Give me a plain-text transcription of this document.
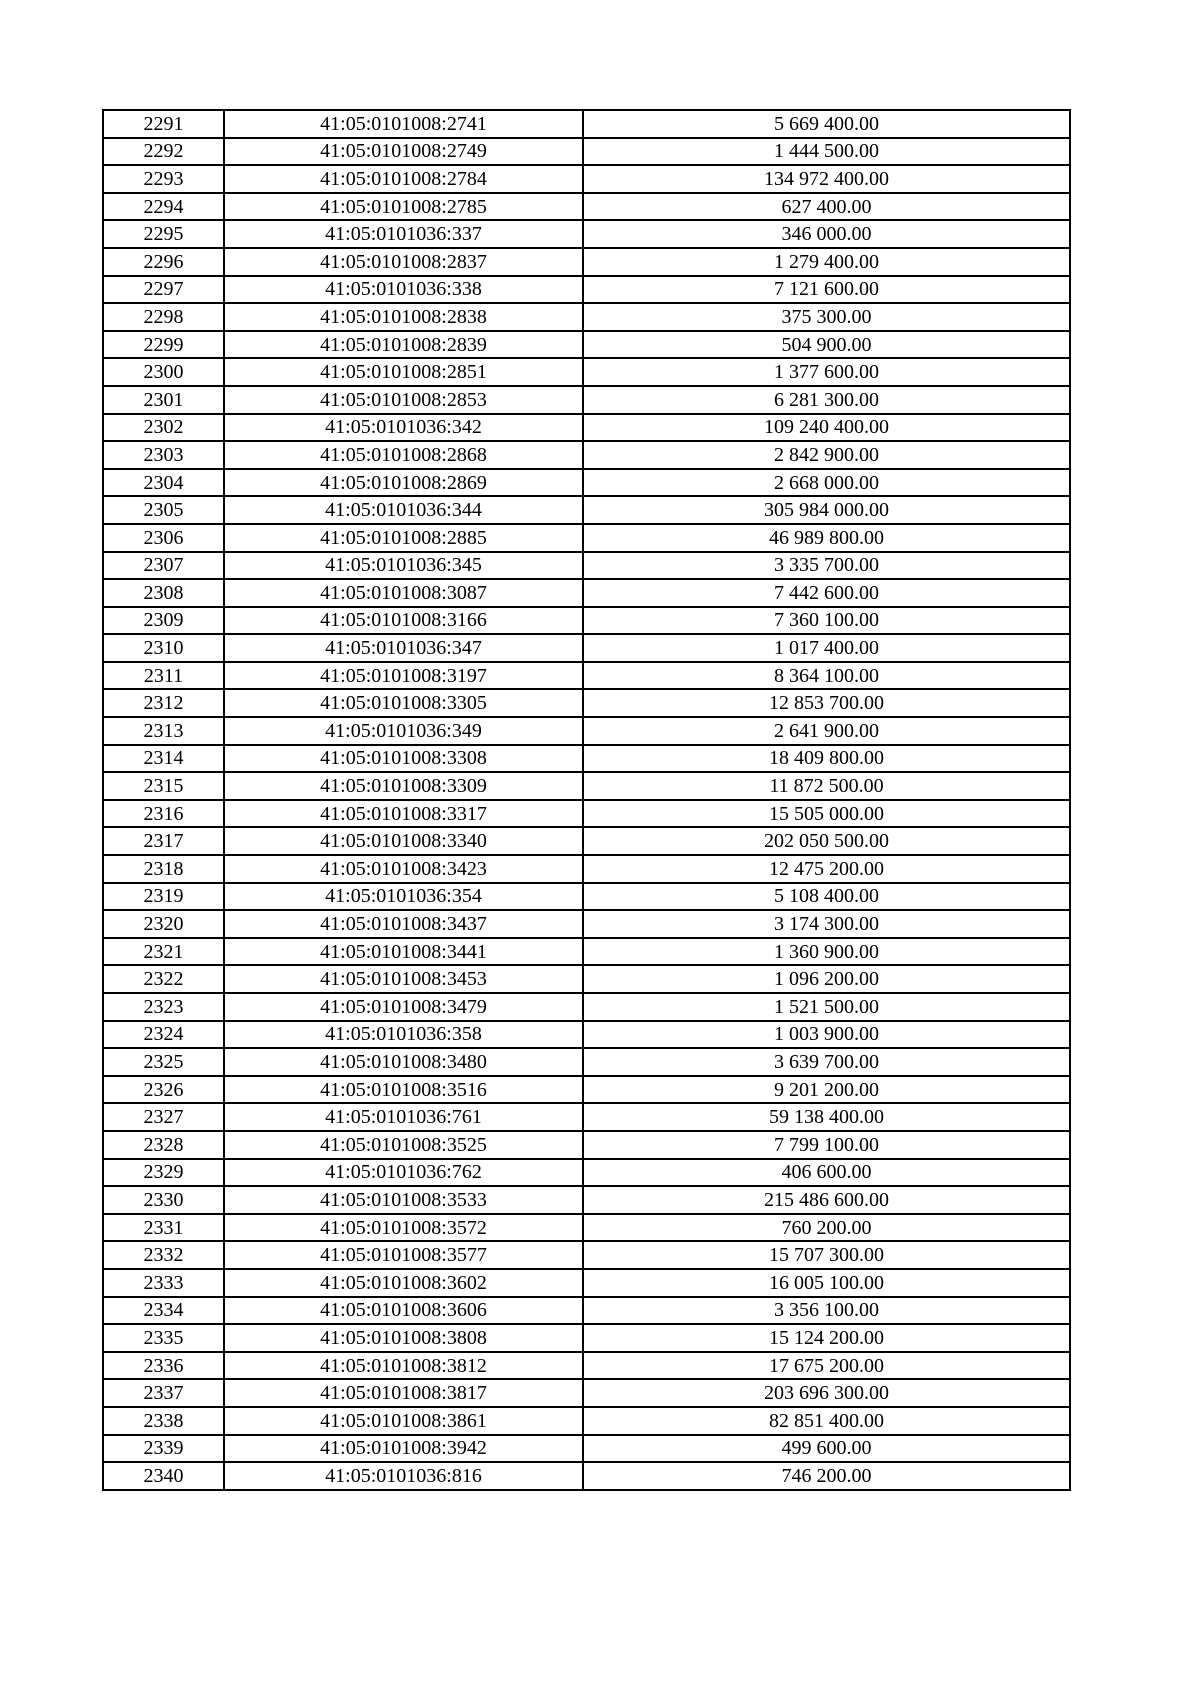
2291	41:05:0101008:2741	5 669 400.00
2292	41:05:0101008:2749	1 444 500.00
2293	41:05:0101008:2784	134 972 400.00
2294	41:05:0101008:2785	627 400.00
2295	41:05:0101036:337	346 000.00
2296	41:05:0101008:2837	1 279 400.00
2297	41:05:0101036:338	7 121 600.00
2298	41:05:0101008:2838	375 300.00
2299	41:05:0101008:2839	504 900.00
2300	41:05:0101008:2851	1 377 600.00
2301	41:05:0101008:2853	6 281 300.00
2302	41:05:0101036:342	109 240 400.00
2303	41:05:0101008:2868	2 842 900.00
2304	41:05:0101008:2869	2 668 000.00
2305	41:05:0101036:344	305 984 000.00
2306	41:05:0101008:2885	46 989 800.00
2307	41:05:0101036:345	3 335 700.00
2308	41:05:0101008:3087	7 442 600.00
2309	41:05:0101008:3166	7 360 100.00
2310	41:05:0101036:347	1 017 400.00
2311	41:05:0101008:3197	8 364 100.00
2312	41:05:0101008:3305	12 853 700.00
2313	41:05:0101036:349	2 641 900.00
2314	41:05:0101008:3308	18 409 800.00
2315	41:05:0101008:3309	11 872 500.00
2316	41:05:0101008:3317	15 505 000.00
2317	41:05:0101008:3340	202 050 500.00
2318	41:05:0101008:3423	12 475 200.00
2319	41:05:0101036:354	5 108 400.00
2320	41:05:0101008:3437	3 174 300.00
2321	41:05:0101008:3441	1 360 900.00
2322	41:05:0101008:3453	1 096 200.00
2323	41:05:0101008:3479	1 521 500.00
2324	41:05:0101036:358	1 003 900.00
2325	41:05:0101008:3480	3 639 700.00
2326	41:05:0101008:3516	9 201 200.00
2327	41:05:0101036:761	59 138 400.00
2328	41:05:0101008:3525	7 799 100.00
2329	41:05:0101036:762	406 600.00
2330	41:05:0101008:3533	215 486 600.00
2331	41:05:0101008:3572	760 200.00
2332	41:05:0101008:3577	15 707 300.00
2333	41:05:0101008:3602	16 005 100.00
2334	41:05:0101008:3606	3 356 100.00
2335	41:05:0101008:3808	15 124 200.00
2336	41:05:0101008:3812	17 675 200.00
2337	41:05:0101008:3817	203 696 300.00
2338	41:05:0101008:3861	82 851 400.00
2339	41:05:0101008:3942	499 600.00
2340	41:05:0101036:816	746 200.00
